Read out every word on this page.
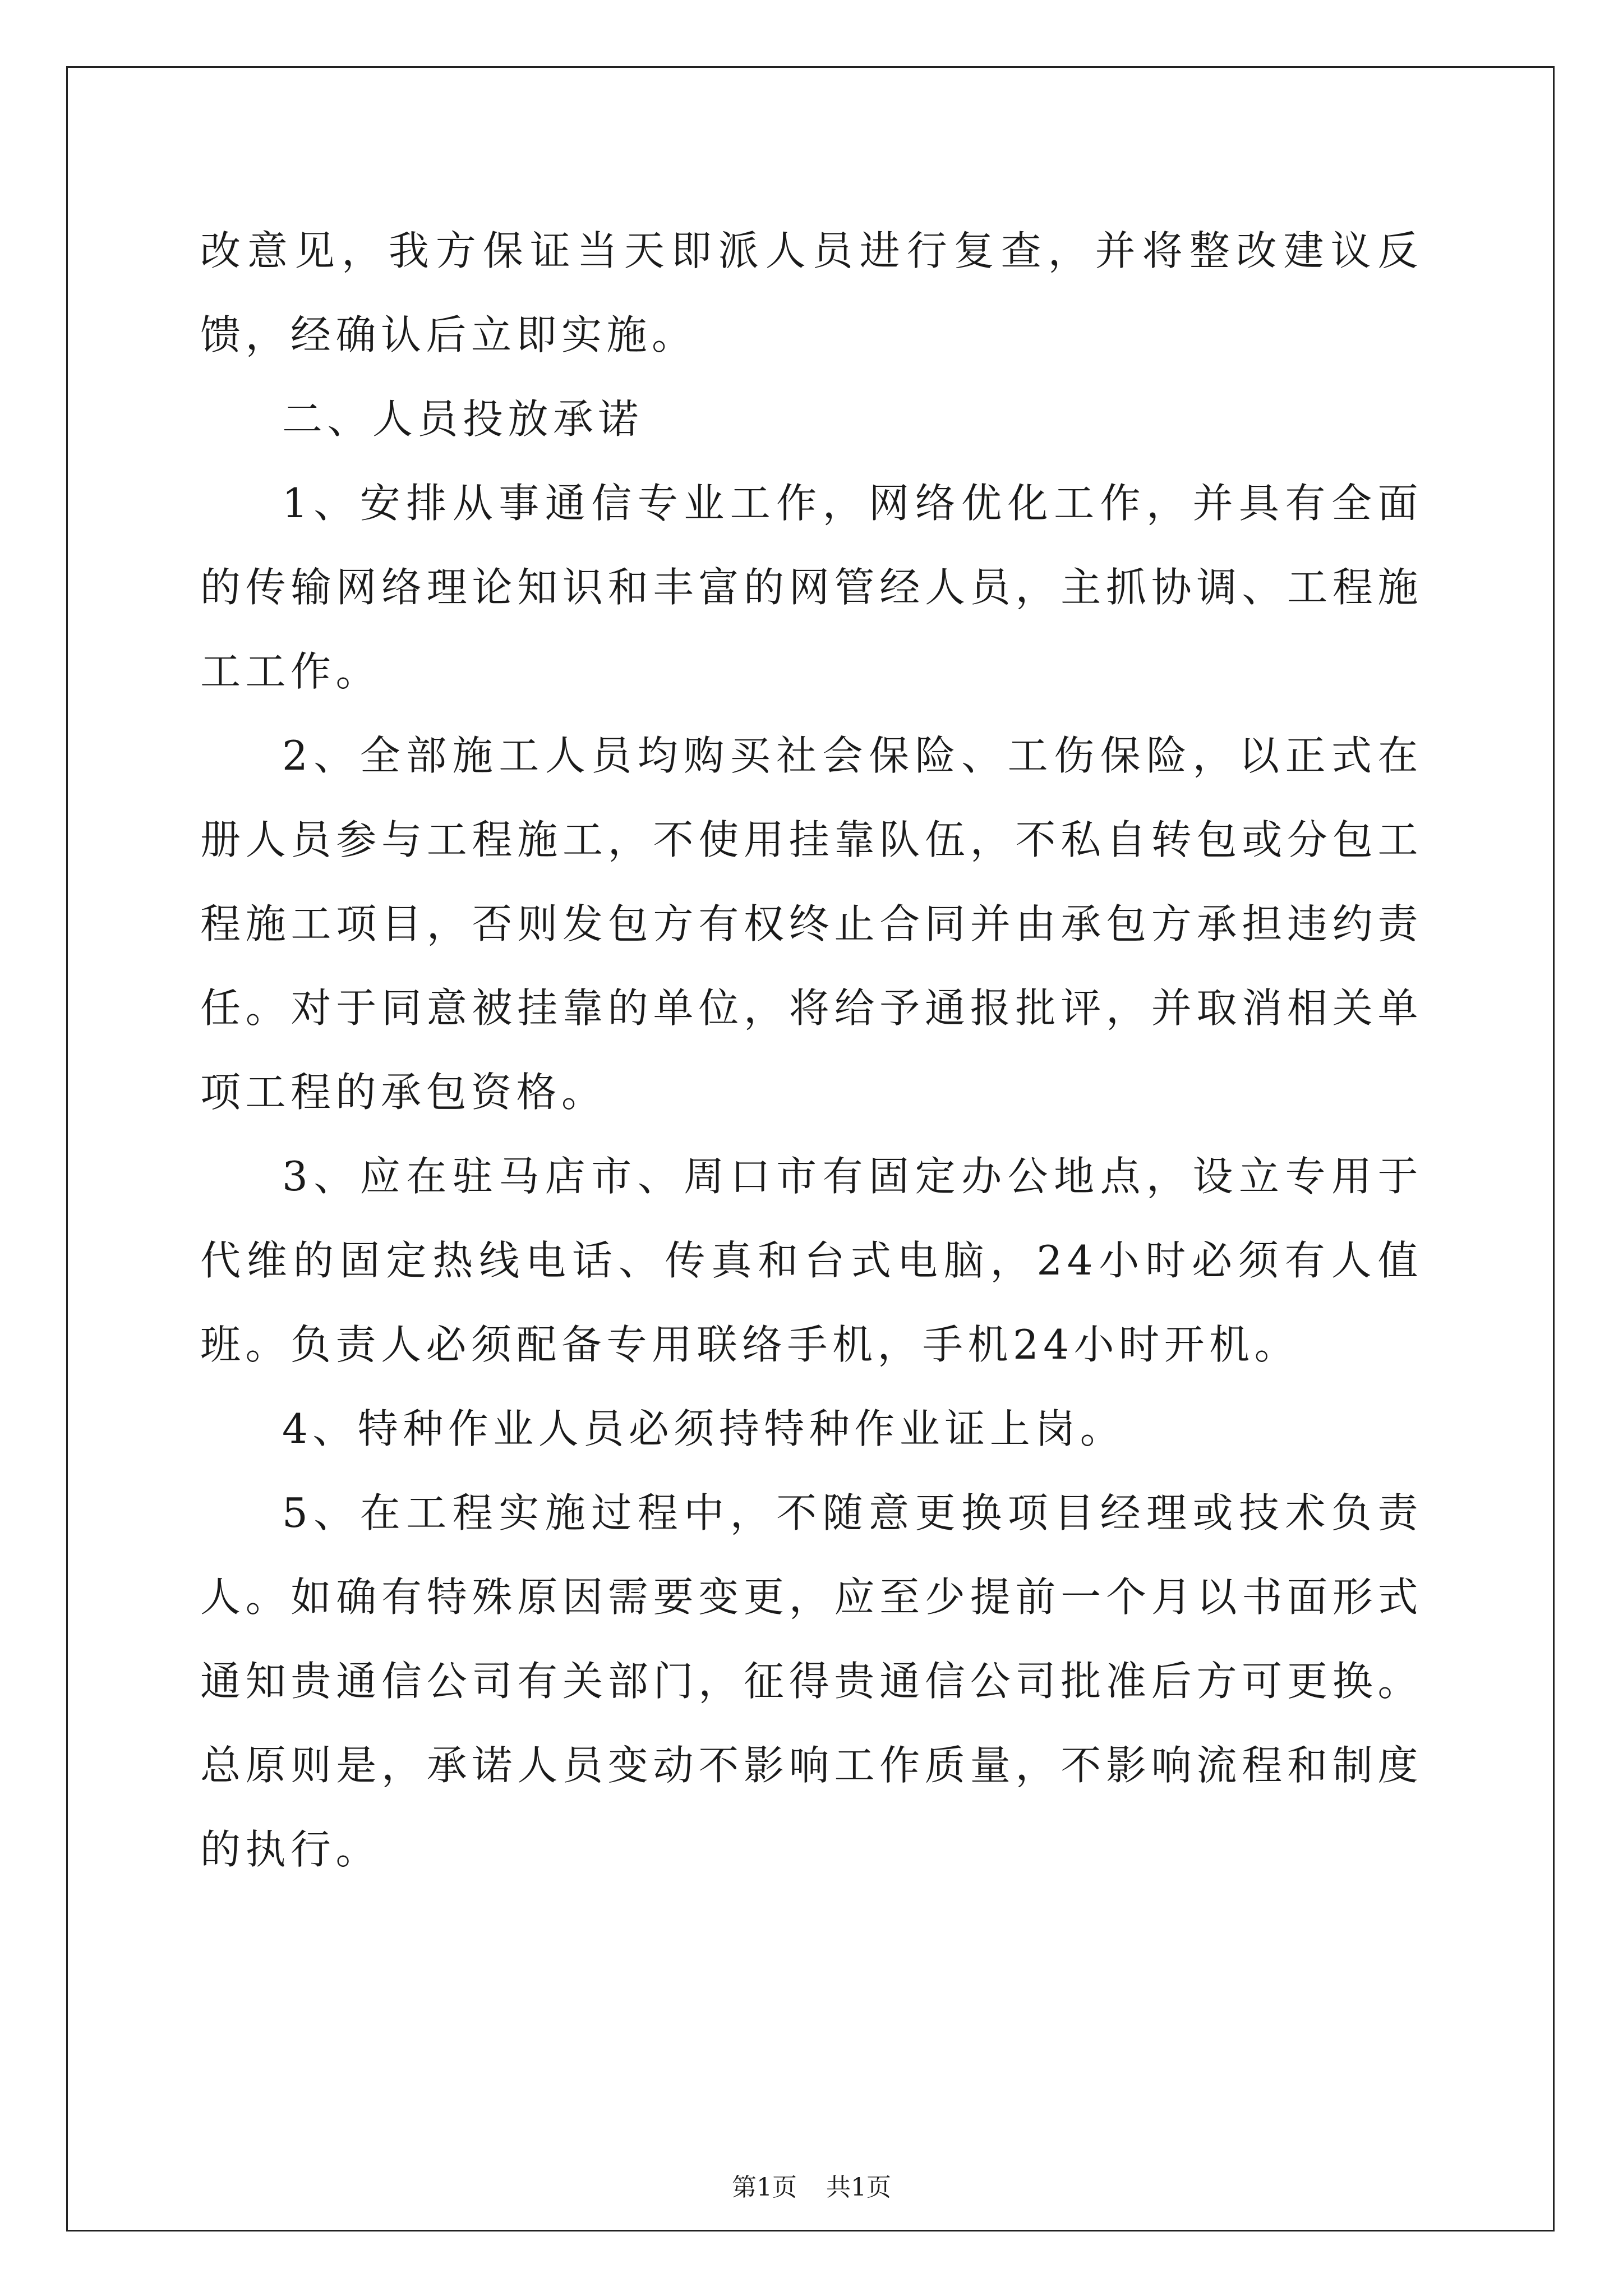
改意见，我方保证当天即派人员进行复查，并将整改建议反馈，经确认后立即实施。

二、人员投放承诺

1、安排从事通信专业工作，网络优化工作，并具有全面的传输网络理论知识和丰富的网管经人员，主抓协调、工程施工工作。

2、全部施工人员均购买社会保险、工伤保险，以正式在册人员参与工程施工，不使用挂靠队伍，不私自转包或分包工程施工项目，否则发包方有权终止合同并由承包方承担违约责任。对于同意被挂靠的单位，将给予通报批评，并取消相关单项工程的承包资格。

3、应在驻马店市、周口市有固定办公地点，设立专用于代维的固定热线电话、传真和台式电脑，24小时必须有人值班。负责人必须配备专用联络手机，手机24小时开机。

4、特种作业人员必须持特种作业证上岗。

5、在工程实施过程中，不随意更换项目经理或技术负责人。如确有特殊原因需要变更，应至少提前一个月以书面形式通知贵通信公司有关部门，征得贵通信公司批准后方可更换。总原则是，承诺人员变动不影响工作质量，不影响流程和制度的执行。

第1页 共1页
